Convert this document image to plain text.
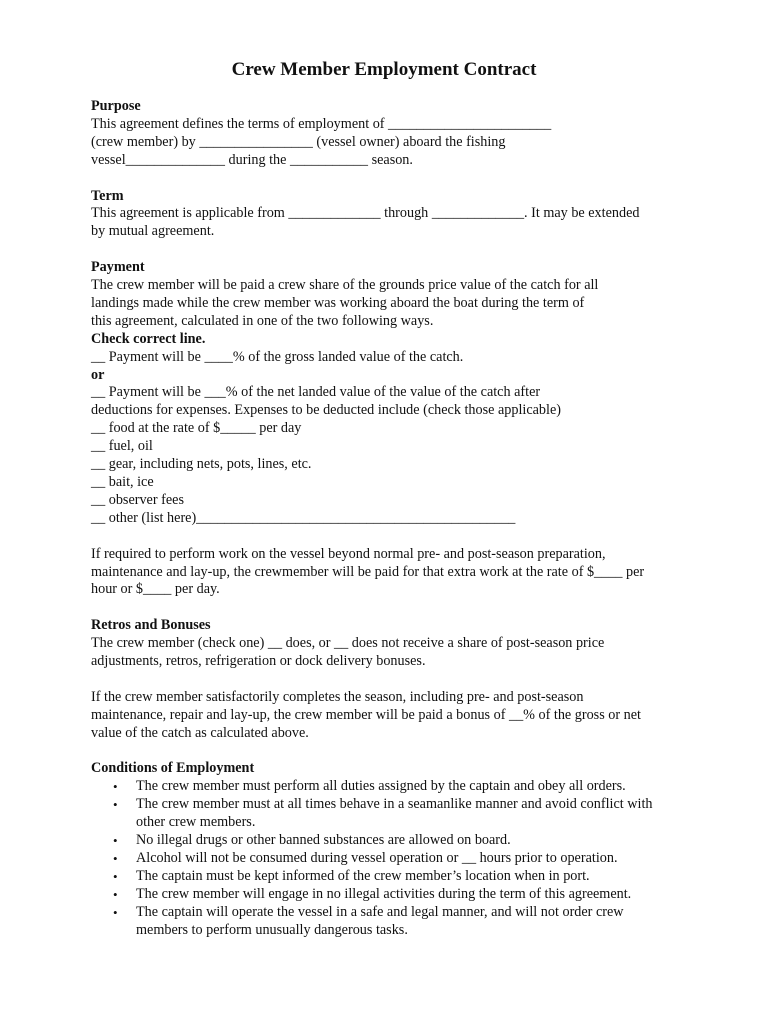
Crew Member Employment Contract

Purpose

This agreement defines the terms of employment of _______________________

(crew member) by ________________ (vessel owner) aboard the fishing

vessel______________ during the ___________ season.

Term

This agreement is applicable from _____________ through _____________. It may be extended

by mutual agreement.

Payment

The crew member will be paid a crew share of the grounds price value of the catch for all

landings made while the crew member was working aboard the boat during the term of

this agreement, calculated in one of the two following ways.

Check correct line.

__ Payment will be ____% of the gross landed value of the catch.

or

__ Payment will be ___% of the net landed value of the value of the catch after

deductions for expenses. Expenses to be deducted include (check those applicable)

__ food at the rate of $_____ per day

__ fuel, oil

__ gear, including nets, pots, lines, etc.

__ bait, ice

__ observer fees

__ other (list here)_____________________________________________

If required to perform work on the vessel beyond normal pre- and post-season preparation,

maintenance and lay-up, the crewmember will be paid for that extra work at the rate of $____ per

hour or $____ per day.

Retros and Bonuses

The crew member (check one) __ does, or __ does not receive a share of post-season price

adjustments, retros, refrigeration or dock delivery bonuses.

If the crew member satisfactorily completes the season, including pre- and post-season

maintenance, repair and lay-up, the crew member will be paid a bonus of __% of the gross or net

value of the catch as calculated above.

Conditions of Employment

• The crew member must perform all duties assigned by the captain and obey all orders.
• The crew member must at all times behave in a seamanlike manner and avoid conflict with
other crew members.
• No illegal drugs or other banned substances are allowed on board.
• Alcohol will not be consumed during vessel operation or __ hours prior to operation.
• The captain must be kept informed of the crew member’s location when in port.
• The crew member will engage in no illegal activities during the term of this agreement.
• The captain will operate the vessel in a safe and legal manner, and will not order crew
members to perform unusually dangerous tasks.
